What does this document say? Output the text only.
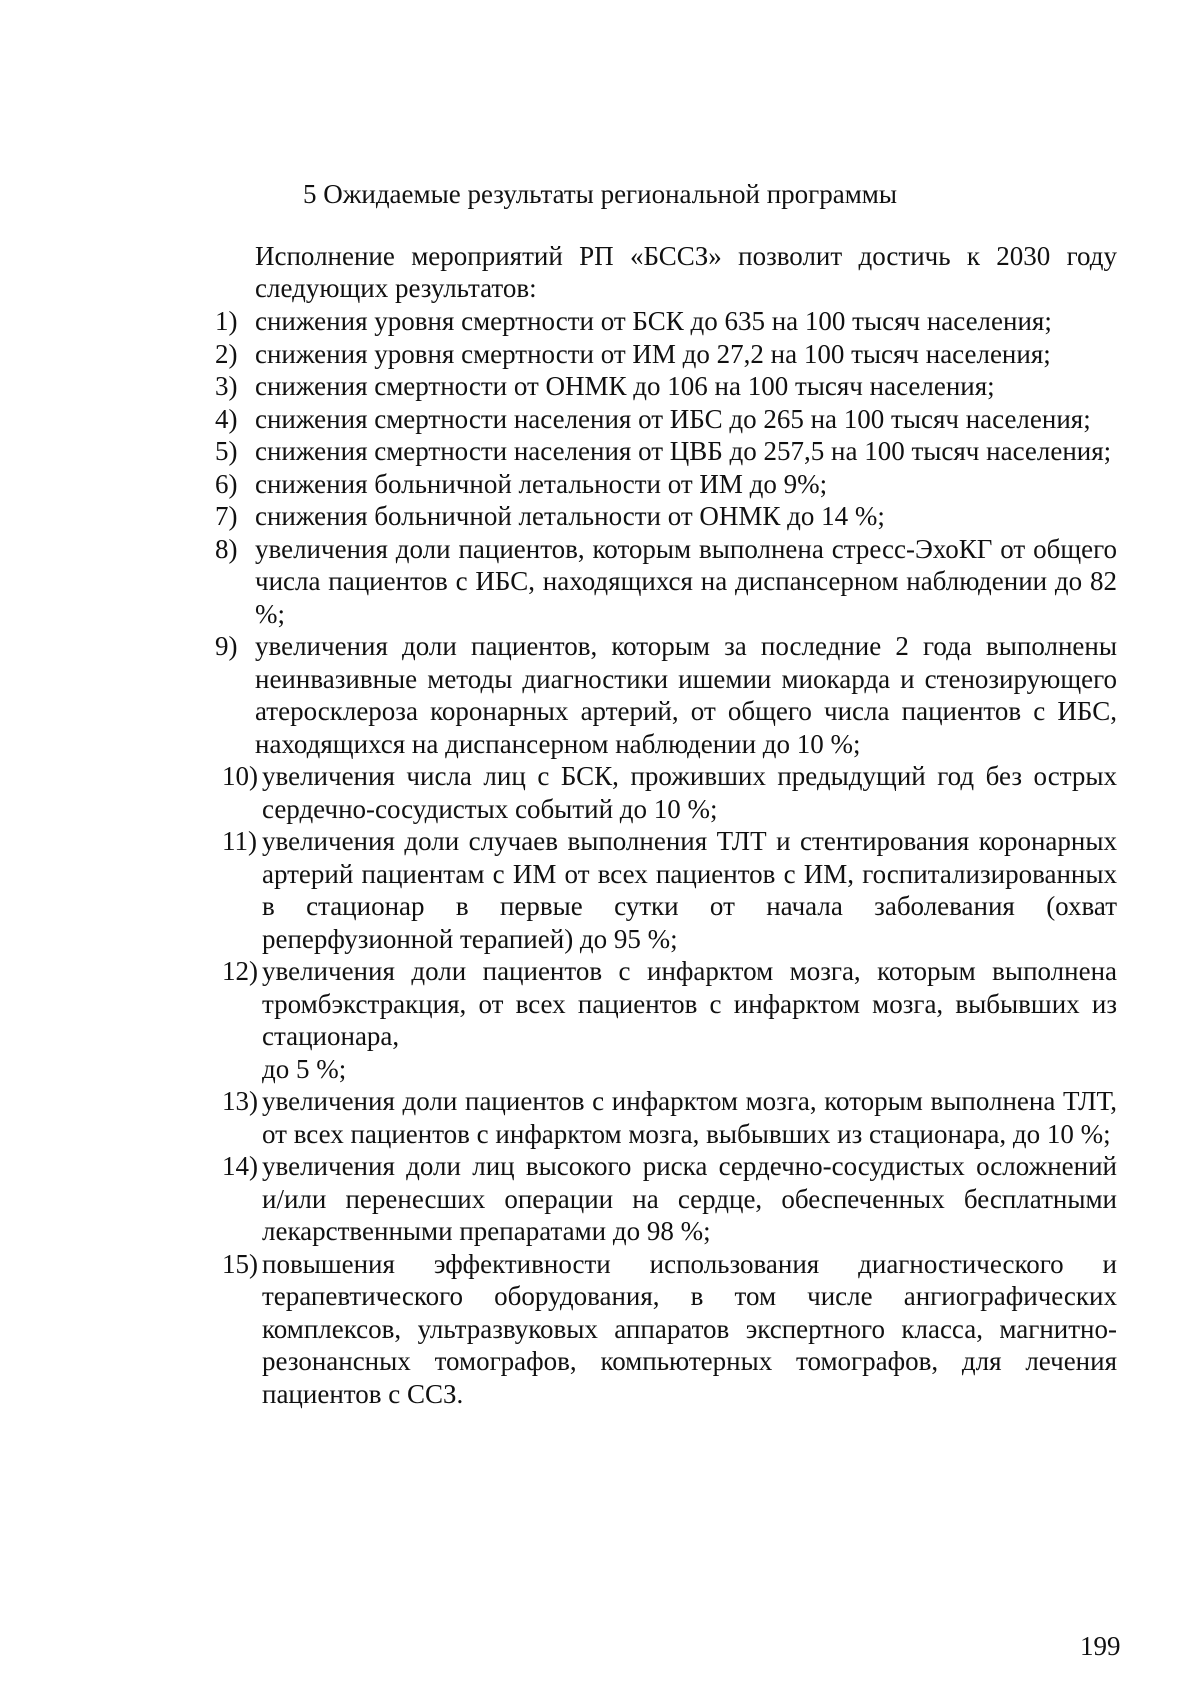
5 Ожидаемые результаты региональной программы
Исполнение мероприятий РП «БССЗ» позволит достичь к 2030 году
следующих результатов:
1) снижения уровня смертности от БСК до 635 на 100 тысяч населения;
2) снижения уровня смертности от ИМ до 27,2 на 100 тысяч населения;
3) снижения смертности от ОНМК до 106 на 100 тысяч населения;
4) снижения смертности населения от ИБС до 265 на 100 тысяч населения;
5) снижения смертности населения от ЦВБ до 257,5 на 100 тысяч населения;
6) снижения больничной летальности от ИМ до 9%;
7) снижения больничной летальности от ОНМК до 14 %;
8) увеличения доли пациентов, которым выполнена стресс-ЭхоКГ от общего числа пациентов с ИБС, находящихся на диспансерном наблюдении до 82 %;
9) увеличения доли пациентов, которым за последние 2 года выполнены неинвазивные методы диагностики ишемии миокарда и стенозирующего атеросклероза коронарных артерий, от общего числа пациентов с ИБС, находящихся на диспансерном наблюдении до 10 %;
10) увеличения числа лиц с БСК, проживших предыдущий год без острых сердечно-сосудистых событий до 10 %;
11) увеличения доли случаев выполнения ТЛТ и стентирования коронарных артерий пациентам с ИМ от всех пациентов с ИМ, госпитализированных в стационар в первые сутки от начала заболевания (охват реперфузионной терапией) до 95 %;
12) увеличения доли пациентов с инфарктом мозга, которым выполнена тромбэкстракция, от всех пациентов с инфарктом мозга, выбывших из стационара,
до 5 %;
13) увеличения доли пациентов с инфарктом мозга, которым выполнена ТЛТ, от всех пациентов с инфарктом мозга, выбывших из стационара, до 10 %;
14) увеличения доли лиц высокого риска сердечно-сосудистых осложнений и/или перенесших операции на сердце, обеспеченных бесплатными лекарственными препаратами до 98 %;
15) повышения эффективности использования диагностического и терапевтического оборудования, в том числе ангиографических комплексов, ультразвуковых аппаратов экспертного класса, магнитно-резонансных томографов, компьютерных томографов, для лечения пациентов с ССЗ.
199
